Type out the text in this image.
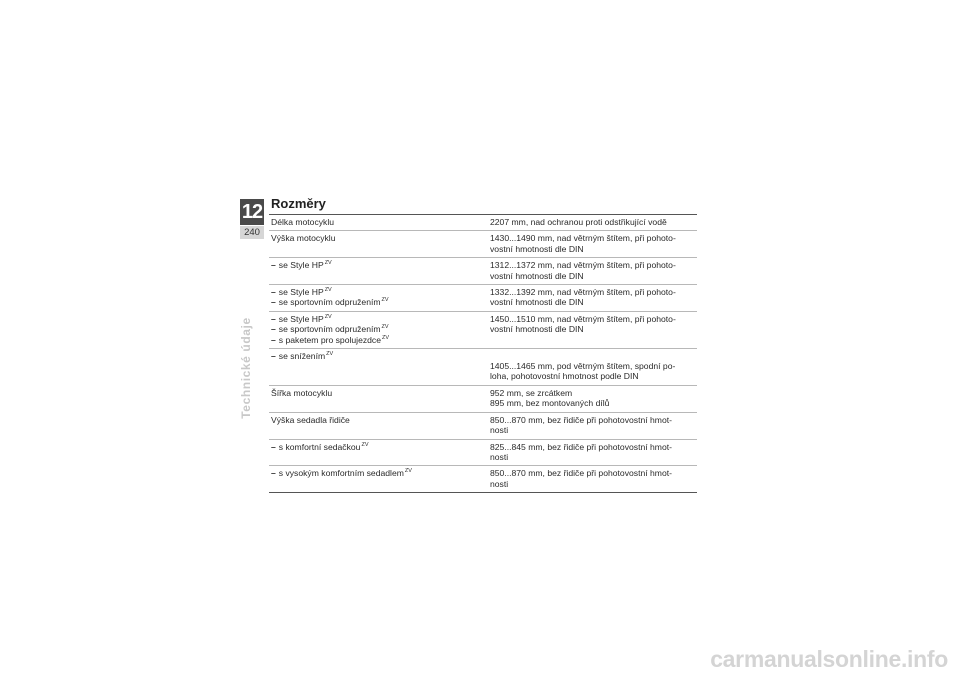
12
240
Technické údaje
Rozměry
Délka motocyklu	2207 mm, nad ochranou proti odstřikující vodě

Výška motocyklu	1430...1490 mm, nad větrným štítem, při pohoto-
vostní hmotnosti dle DIN

– se Style $HP^{ZV}$	1312...1372 mm, nad větrným štítem, při pohoto-
vostní hmotnosti dle DIN

– se Style $HP^{ZV}$
– se sportovním odpružením$^{ZV}$	1332...1392 mm, nad větrným štítem, při pohoto-
vostní hmotnosti dle DIN

– se Style $HP^{ZV}$
– se sportovním odpružením$^{ZV}$
– s paketem pro spolujezdce$^{ZV}$	1450...1510 mm, nad větrným štítem, při pohoto-
vostní hmotnosti dle DIN

– se snížením$^{ZV}$	1405...1465 mm, pod větrným štítem, spodní po-
loha, pohotovostní hmotnost podle DIN

Šířka motocyklu	952 mm, se zrcátkem
895 mm, bez montovaných dílů

Výška sedadla řidiče	850...870 mm, bez řidiče při pohotovostní hmot-
nosti

– s komfortní sedačkou$^{ZV}$	825...845 mm, bez řidiče při pohotovostní hmot-
nosti

– s vysokým komfortním sedadlem$^{ZV}$	850...870 mm, bez řidiče při pohotovostní hmot-
nosti
carmanualsonline.info
